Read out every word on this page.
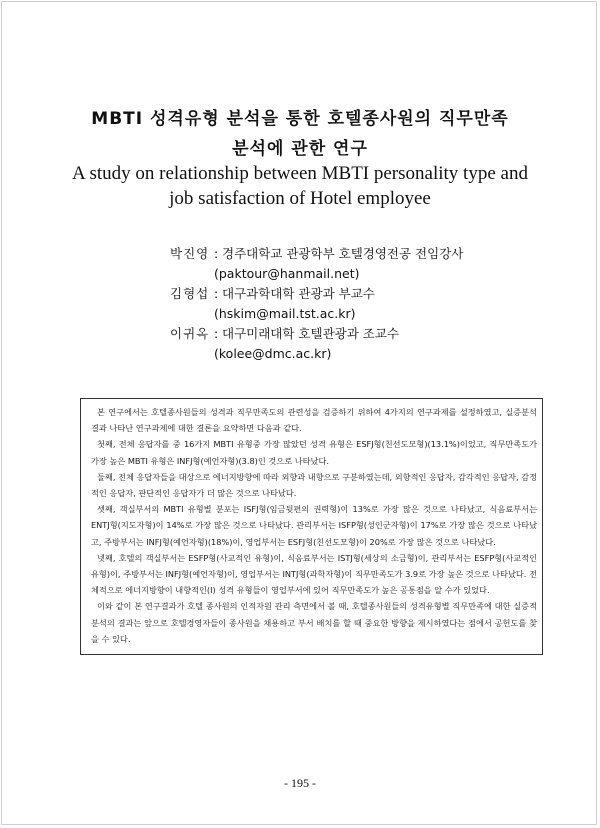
MBTI 성격유형 분석을 통한 호텔종사원의 직무만족
분석에 관한 연구
A study on relationship between MBTI personality type and
job satisfaction of Hotel employee
박진영 : 경주대학교 관광학부 호텔경영전공 전임강사
(paktour@hanmail.net)
김형섭 : 대구과학대학 관광과 부교수
(hskim@mail.tst.ac.kr)
이귀옥 : 대구미래대학 호텔관광과 조교수
(kolee@dmc.ac.kr)

본 연구에서는 호텔종사원들의 성격과 직무만족도의 관련성을 검증하기 위하여 4가지의 연구과제를 설정하였고, 실증분석 결과 나타난 연구과제에 대한 결론을 요약하면 다음과 같다.

첫째, 전체 응답자를 중 16가지 MBTI 유형중 가장 많았던 성격 유형은 ESFJ형(친선도모형)(13.1%)이었고, 직무만족도가 가장 높은 MBTI 유형은 INFJ형(예언자형)(3.8)인 것으로 나타났다.

둘째, 전체 응답자들을 대상으로 에너지방향에 따라 외향과 내향으로 구분하였는데, 외향적인 응답자, 감각적인 응답자, 감정적인 응답자, 판단적인 응답자가 더 많은 것으로 나타났다.

셋째, 객실부서의 MBTI 유형별 분포는 ISFJ형(임금뒷편의 권력형)이 13%로 가장 많은 것으로 나타났고, 식음료부서는 ENTJ형(지도자형)이 14%로 가장 많은 것으로 나타났다. 관리부서는 ISFP형(성인군자형)이 17%로 가장 많은 것으로 나타났고, 주방부서는 INFJ형(예언자형)(18%)이, 영업부서는 ESFJ형(친선도모형)이 20%로 가장 많은 것으로 나타났다.

넷째, 호텔의 객실부서는 ESFP형(사교적인 유형)이, 식음료부서는 ISTJ형(세상의 소금형)이, 관리부서는 ESFP형(사교적인 유형)이, 주방부서는 INFJ형(예언자형)이, 영업부서는 INTJ형(과학자형)이 직무만족도가 3.9로 가장 높은 것으로 나타났다. 전체적으로 에너지방향이 내향적인(I) 성격 유형들이 영업부서에 있어 직무만족도가 높은 공통점을 알 수가 있었다.

이와 같이 본 연구결과가 호텔 종사원의 인적자원 관리 측면에서 볼 때, 호텔종사원들의 성격유형별 직무만족에 대한 실증적 분석의 결과는 앞으로 호텔경영자들이 종사원을 채용하고 부서 배치를 할 때 중요한 방향을 제시하였다는 점에서 공헌도를 찾을 수 있다.

- 195 -
